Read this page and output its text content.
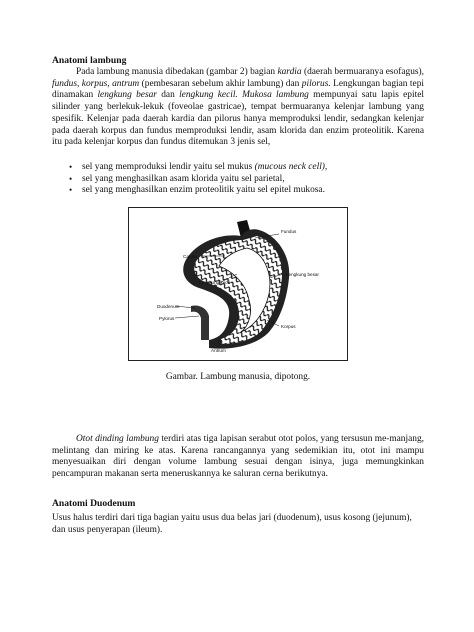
Anatomi lambung
Pada lambung manusia dibedakan (gambar 2) bagian kardia (daerah bermuaranya esofagus), fundus, korpus, antrum (pembesaran sebelum akhir lambung) dan pilorus. Lengkungan bagian tepi dinamakan lengkung besar dan lengkung kecil. Mukosa lambung mempunyai satu lapis epitel silinder yang berlekuk-lekuk (foveolae gastricae), tempat bermuaranya kelenjar lambung yang spesifik. Kelenjar pada daerah kardia dan pilorus hanya memproduksi lendir, sedangkan kelenjar pada daerah korpus dan fundus memproduksi lendir, asam klorida dan enzim proteolitik. Karena itu pada kelenjar korpus dan fundus ditemukan 3 jenis sel,
• sel yang memproduksi lendir yaitu sel mukus (mucous neck cell),
• sel yang menghasilkan asam klorida yaitu sel parietal,
• sel yang menghasilkan enzim proteolitik yaitu sel epitel mukosa.
Fundus
Cardia
Lengkung besar
Lengkung kecil
Duodenum
Pylorus
Korpus
Antrum
Gambar. Lambung manusia, dipotong.
Otot dinding lambung terdiri atas tiga lapisan serabut otot polos, yang tersusun me-manjang, melintang dan miring ke atas. Karena rancangannya yang sedemikian itu, otot ini mampu menyesuaikan diri dengan volume lambung sesuai dengan isinya, juga memungkinkan pencampuran makanan serta meneruskannya ke saluran cerna berikutnya.
Anatomi Duodenum
Usus halus terdiri dari tiga bagian yaitu usus dua belas jari (duodenum), usus kosong (jejunum), dan usus penyerapan (ileum).
